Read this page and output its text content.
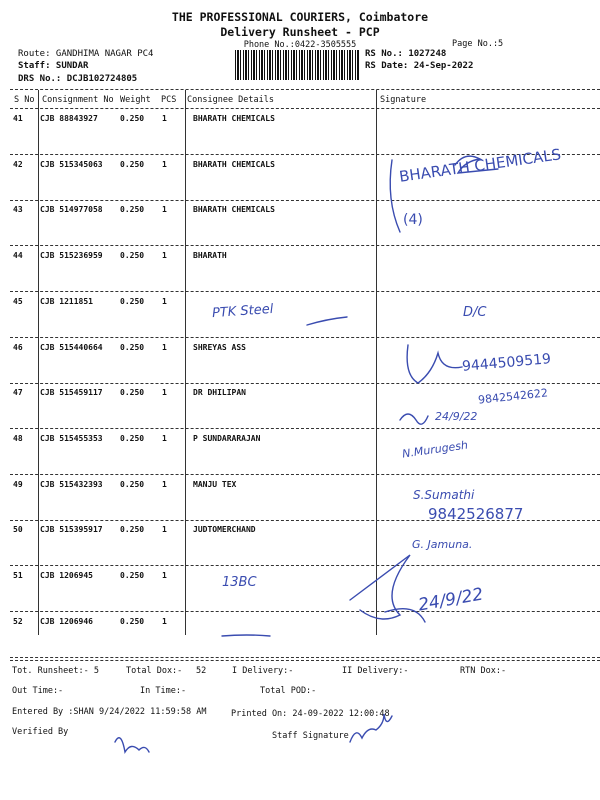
THE PROFESSIONAL COURIERS, Coimbatore
Delivery Runsheet - PCP
Phone No.:0422-3505555	Page No.:5
Route: GANDHIMA NAGAR PC4
Staff: SUNDAR
DRS No.: DCJB102724805
RS No.: 1027248
RS Date: 24-Sep-2022
S No Consignment No Weight PCS Consignee Details	Signature
41 CJB 88843927	0.250 1	BHARATH CHEMICALS
42 CJB 515345063 0.250 1	BHARATH CHEMICALS
43 CJB 514977058 0.250 1	BHARATH CHEMICALS
44 CJB 515236959 0.250 1	BHARATH
45 CJB 1211851	0.250 1
46 CJB 515440664 0.250 1	SHREYAS ASS
47 CJB 515459117 0.250 1	DR DHILIPAN
48 CJB 515455353 0.250 1	P SUNDARARAJAN
49 CJB 515432393 0.250 1	MANJU TEX
50 CJB 515395917 0.250 1	JUDTOMERCHAND
51 CJB 1206945	0.250 1
52 CJB 1206946	0.250 1
Tot. Runsheet:- 5	Total Dox:- 52	I Delivery:-	II Delivery:-	RTN Dox:-
Out Time:-	In Time:-	Total POD:-
Entered By :SHAN 9/24/2022 11:59:58 AM	Printed On: 24-09-2022 12:00:48
Verified By	Staff Signature
BHARATH CHEMICALS
(4)
PTK Steel	D/C
9444509519
9842542622
24/9/22
N.Murugesh
S.Sumathi
9842526877
G. Jamuna.
13BC
24/9/22
